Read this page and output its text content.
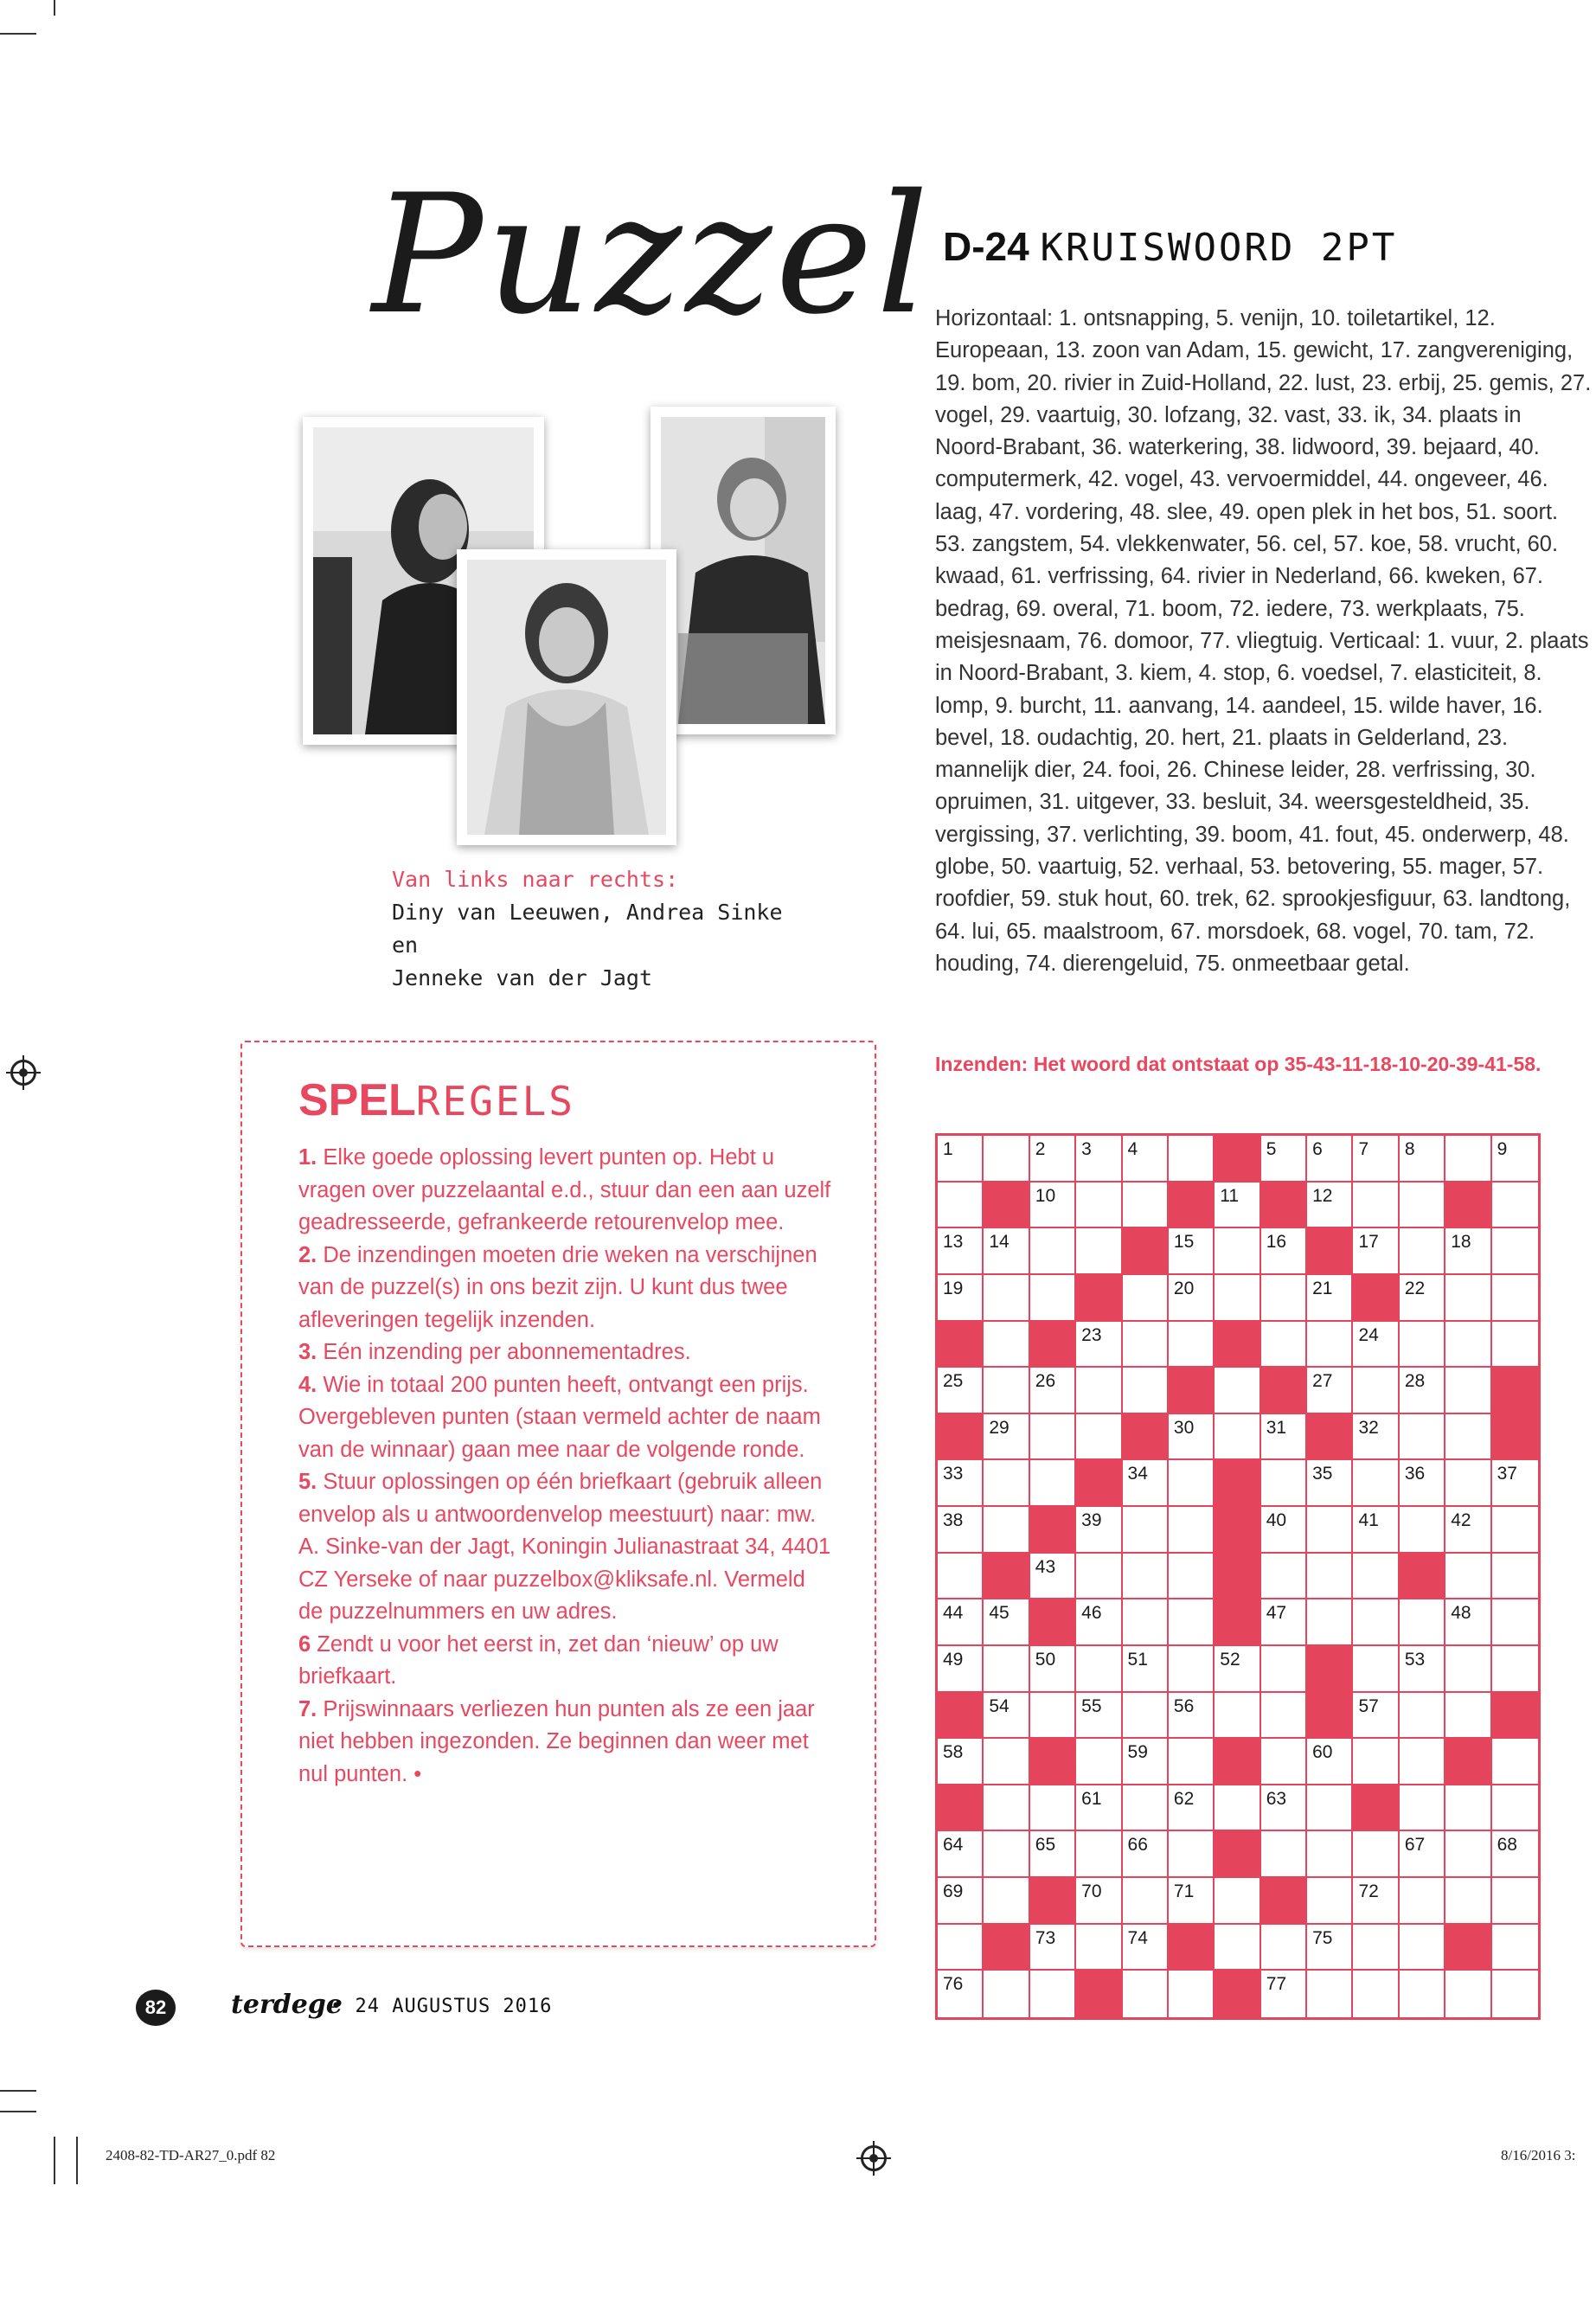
Puzzel
Van links naar rechts:
Diny van Leeuwen, Andrea Sinke en
Jenneke van der Jagt
D-24 KRUISWOORD 2PT
Horizontaal: 1. ontsnapping, 5. venijn, 10. toiletartikel, 12. Europeaan, 13. zoon van Adam, 15. gewicht, 17. zangvereniging, 19. bom, 20. rivier in Zuid-Holland, 22. lust, 23. erbij, 25. gemis, 27. vogel, 29. vaartuig, 30. lofzang, 32. vast, 33. ik, 34. plaats in Noord-Brabant, 36. waterkering, 38. lidwoord, 39. bejaard, 40. computermerk, 42. vogel, 43. vervoermiddel, 44. ongeveer, 46. laag, 47. vordering, 48. slee, 49. open plek in het bos, 51. soort. 53. zangstem, 54. vlekkenwater, 56. cel, 57. koe, 58. vrucht, 60. kwaad, 61. verfrissing, 64. rivier in Nederland, 66. kweken, 67. bedrag, 69. overal, 71. boom, 72. iedere, 73. werkplaats, 75. meisjesnaam, 76. domoor, 77. vliegtuig. Verticaal: 1. vuur, 2. plaats in Noord-Brabant, 3. kiem, 4. stop, 6. voedsel, 7. elasticiteit, 8. lomp, 9. burcht, 11. aanvang, 14. aandeel, 15. wilde haver, 16. bevel, 18. oudachtig, 20. hert, 21. plaats in Gelderland, 23. mannelijk dier, 24. fooi, 26. Chinese leider, 28. verfrissing, 30. opruimen, 31. uitgever, 33. besluit, 34. weersgesteldheid, 35. vergissing, 37. verlichting, 39. boom, 41. fout, 45. onderwerp, 48. globe, 50. vaartuig, 52. verhaal, 53. betovering, 55. mager, 57. roofdier, 59. stuk hout, 60. trek, 62. sprookjesfiguur, 63. landtong, 64. lui, 65. maalstroom, 67. morsdoek, 68. vogel, 70. tam, 72. houding, 74. dierengeluid, 75. onmeetbaar getal.
Inzenden: Het woord dat ontstaat op 35-43-11-18-10-20-39-41-58.
SPELREGELS
1. Elke goede oplossing levert punten op. Hebt u vragen over puzzelaantal e.d., stuur dan een aan uzelf geadresseerde, gefrankeerde retourenvelop mee.
2. De inzendingen moeten drie weken na verschijnen van de puzzel(s) in ons bezit zijn. U kunt dus twee afleveringen tegelijk inzenden.
3. Eén inzending per abonnementadres.
4. Wie in totaal 200 punten heeft, ontvangt een prijs. Overgebleven punten (staan vermeld achter de naam van de winnaar) gaan mee naar de volgende ronde.
5. Stuur oplossingen op één briefkaart (gebruik alleen envelop als u antwoordenvelop meestuurt) naar: mw. A. Sinke-van der Jagt, Koningin Julianastraat 34, 4401 CZ Yerseke of naar puzzelbox@kliksafe.nl. Vermeld de puzzelnummers en uw adres.
6 Zendt u voor het eerst in, zet dan ‘nieuw’ op uw briefkaart.
7. Prijswinnaars verliezen hun punten als ze een jaar niet hebben ingezonden. Ze beginnen dan weer met nul punten. •
1	2 3 4	5 6 7 8	9
10	11	12
13 14	15	16	17	18
19	20	21	22
23	24
25	26	27	28
29	30	31	32
33	34	35	36	37
38	39	40	41	42
43
44 45	46	47	48
49	50	51	52	53
54	55	56	57
58	59	60
61	62	63
64	65	66	67	68
69	70	71	72
73	74	75
76	77
82	terdege
• 24 AUGUSTUS 2016
2408-82-TD-AR27_0.pdf 82	8/16/2016 3:
